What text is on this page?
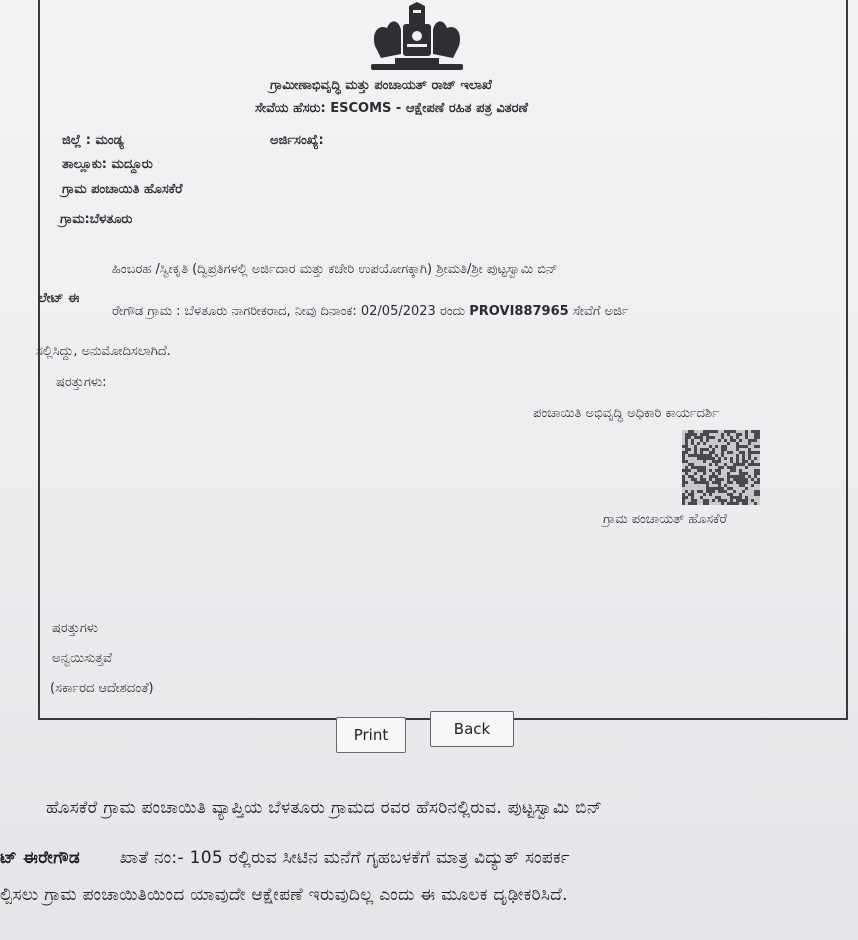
ಗ್ರಾಮೀಣಾಭಿವೃದ್ಧಿ ಮತ್ತು ಪಂಚಾಯತ್ ರಾಜ್ ಇಲಾಖೆ
ಸೇವೆಯ ಹೆಸರು: ESCOMS - ಆಕ್ಷೇಪಣೆ ರಹಿತ ಪತ್ರ ವಿತರಣೆ
ಜಿಲ್ಲೆ : ಮಂಡ್ಯ	ಅರ್ಜಿಸಂಖ್ಯೆ:
ತಾಲ್ಲೂಕು: ಮದ್ದೂರು
ಗ್ರಾಮ ಪಂಚಾಯಿತಿ ಹೊಸಕೆರೆ
ಗ್ರಾಮ:ಬೆಳತೂರು
ಹಿಂಬರಹ /ಸ್ವೀಕೃತಿ (ದ್ವಿಪ್ರತಿಗಳಲ್ಲಿ ಅರ್ಜಿದಾರ ಮತ್ತು ಕಚೇರಿ ಉಪಯೋಗಕ್ಕಾಗಿ) ಶ್ರೀಮತಿ/ಶ್ರೀ ಪುಟ್ಟಸ್ವಾಮಿ ಬಿನ್
ಲೇಟ್ ಈ
ರೇಗೌಡ ಗ್ರಾಮ : ಬೆಳತೂರು ನಾಗರೀಕರಾದ, ನೀವು ದಿನಾಂಕ: 02/05/2023 ರಂದು PROVI887965 ಸೇವೆಗೆ ಅರ್ಜಿ
ಸಲ್ಲಿಸಿದ್ದು, ಅನುಮೋದಿಸಲಾಗಿದೆ.
ಷರತ್ತುಗಳು:
ಪಂಚಾಯಿತಿ ಅಭಿವೃದ್ಧಿ ಅಧಿಕಾರಿ ಕಾರ್ಯದರ್ಶಿ
ಗ್ರಾಮ ಪಂಚಾಯತ್ ಹೊಸಕೆರೆ
ಷರತ್ತುಗಳು
ಅನ್ವಯಿಸುತ್ತವೆ
(ಸರ್ಕಾರದ ಆದೇಶದಂತೆ)
Print	Back
ಹೊಸಕೆರೆ ಗ್ರಾಮ ಪಂಚಾಯಿತಿ ವ್ಯಾಪ್ತಿಯ ಬೆಳತೂರು ಗ್ರಾಮದ ರವರ ಹೆಸರಿನಲ್ಲಿರುವ. ಪುಟ್ಟಸ್ವಾಮಿ ಬಿನ್
ಟ್ ಈರೇಗೌಡ ಖಾತೆ ನಂ:- 105 ರಲ್ಲಿರುವ ಸೀಟಿನ ಮನೆಗೆ ಗೃಹಬಳಕೆಗೆ ಮಾತ್ರ ವಿದ್ಯುತ್ ಸಂಪರ್ಕ
ಲ್ಪಿಸಲು ಗ್ರಾಮ ಪಂಚಾಯಿತಿಯಿಂದ ಯಾವುದೇ ಆಕ್ಷೇಪಣೆ ಇರುವುದಿಲ್ಲ ಎಂದು ಈ ಮೂಲಕ ದೃಢೀಕರಿಸಿದೆ.
